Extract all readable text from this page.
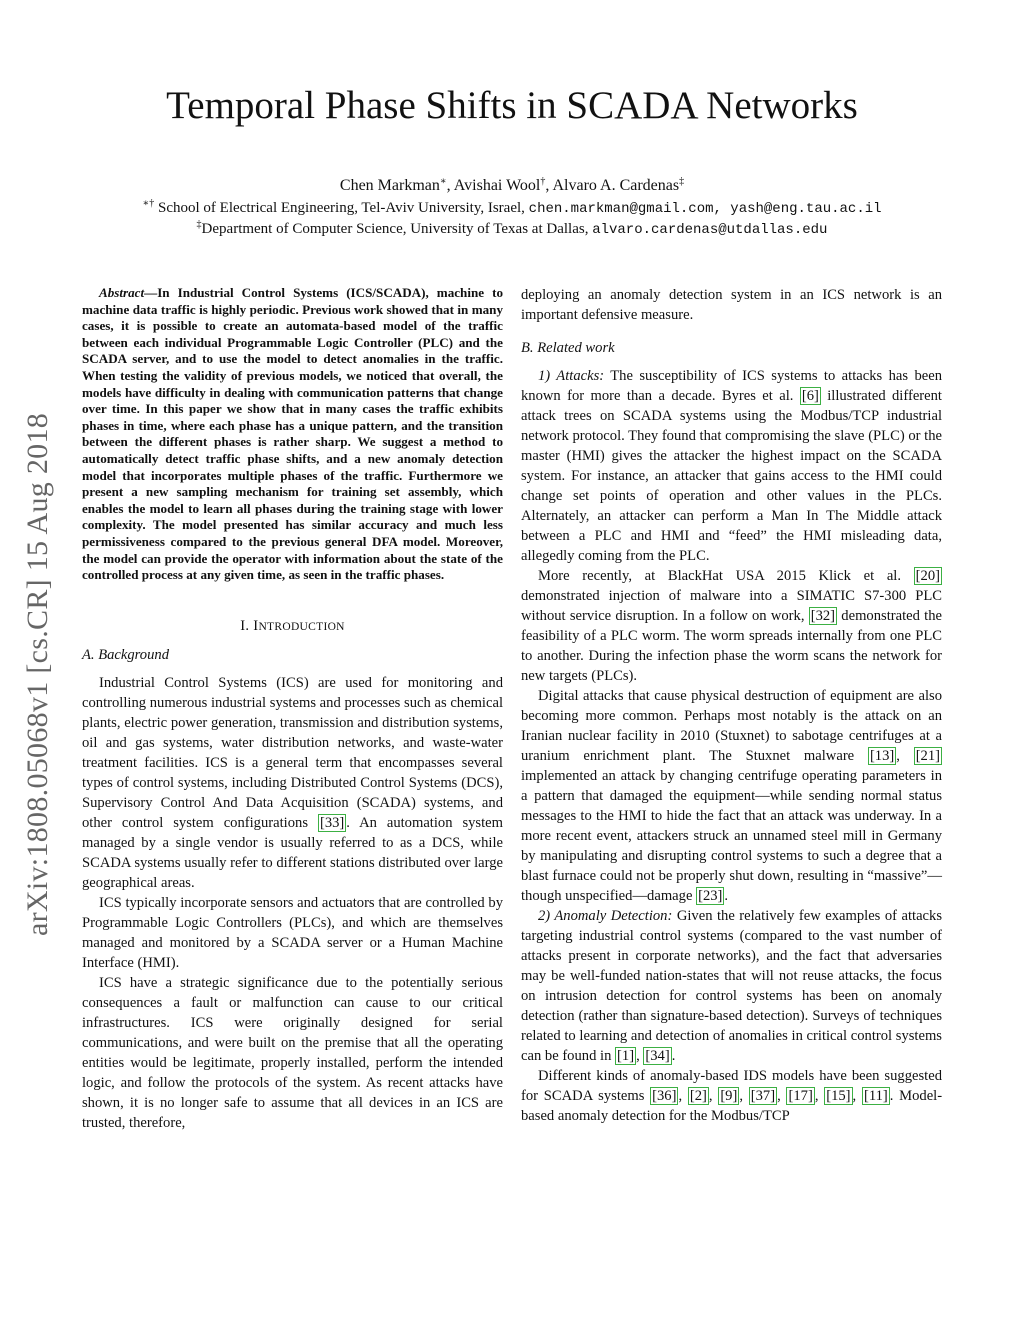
arXiv:1808.05068v1 [cs.CR] 15 Aug 2018
Temporal Phase Shifts in SCADA Networks
Chen Markman∗, Avishai Wool†, Alvaro A. Cardenas‡
∗† School of Electrical Engineering, Tel-Aviv University, Israel, chen.markman@gmail.com, yash@eng.tau.ac.il
‡Department of Computer Science, University of Texas at Dallas, alvaro.cardenas@utdallas.edu

Abstract—In Industrial Control Systems (ICS/SCADA), machine to machine data traffic is highly periodic. Previous work showed that in many cases, it is possible to create an automata-based model of the traffic between each individual Programmable Logic Controller (PLC) and the SCADA server, and to use the model to detect anomalies in the traffic. When testing the validity of previous models, we noticed that overall, the models have difficulty in dealing with communication patterns that change over time. In this paper we show that in many cases the traffic exhibits phases in time, where each phase has a unique pattern, and the transition between the different phases is rather sharp. We suggest a method to automatically detect traffic phase shifts, and a new anomaly detection model that incorporates multiple phases of the traffic. Furthermore we present a new sampling mechanism for training set assembly, which enables the model to learn all phases during the training stage with lower complexity. The model presented has similar accuracy and much less permissiveness compared to the previous general DFA model. Moreover, the model can provide the operator with information about the state of the controlled process at any given time, as seen in the traffic phases.

I. INTRODUCTION
A. Background

Industrial Control Systems (ICS) are used for monitoring and controlling numerous industrial systems and processes such as chemical plants, electric power generation, transmission and distribution systems, oil and gas systems, water distribution networks, and waste-water treatment facilities. ICS is a general term that encompasses several types of control systems, including Distributed Control Systems (DCS), Supervisory Control And Data Acquisition (SCADA) systems, and other control system configurations [33] . An automation system managed by a single vendor is usually referred to as a DCS, while SCADA systems usually refer to different stations distributed over large geographical areas.

ICS typically incorporate sensors and actuators that are controlled by Programmable Logic Controllers (PLCs), and which are themselves managed and monitored by a SCADA server or a Human Machine Interface (HMI).

ICS have a strategic significance due to the potentially serious consequences a fault or malfunction can cause to our critical infrastructures. ICS were originally designed for serial communications, and were built on the premise that all the operating entities would be legitimate, properly installed, perform the intended logic, and follow the protocols of the system. As recent attacks have shown, it is no longer safe to assume that all devices in an ICS are trusted, therefore,

deploying an anomaly detection system in an ICS network is an important defensive measure.

B. Related work

1) Attacks: The susceptibility of ICS systems to attacks has been known for more than a decade. Byres et al. [6] illustrated different attack trees on SCADA systems using the Modbus/TCP industrial network protocol. They found that compromising the slave (PLC) or the master (HMI) gives the attacker the highest impact on the SCADA system. For instance, an attacker that gains access to the HMI could change set points of operation and other values in the PLCs. Alternately, an attacker can perform a Man In The Middle attack between a PLC and HMI and “feed” the HMI misleading data, allegedly coming from the PLC.

More recently, at BlackHat USA 2015 Klick et al. [20] demonstrated injection of malware into a SIMATIC S7-300 PLC without service disruption. In a follow on work, [32] demonstrated the feasibility of a PLC worm. The worm spreads internally from one PLC to another. During the infection phase the worm scans the network for new targets (PLCs).

Digital attacks that cause physical destruction of equipment are also becoming more common. Perhaps most notably is the attack on an Iranian nuclear facility in 2010 (Stuxnet) to sabotage centrifuges at a uranium enrichment plant. The Stuxnet malware [13] , [21] implemented an attack by changing centrifuge operating parameters in a pattern that damaged the equipment—while sending normal status messages to the HMI to hide the fact that an attack was underway. In a more recent event, attackers struck an unnamed steel mill in Germany by manipulating and disrupting control systems to such a degree that a blast furnace could not be properly shut down, resulting in “massive”—though unspecified—damage [23] .

2) Anomaly Detection: Given the relatively few examples of attacks targeting industrial control systems (compared to the vast number of attacks present in corporate networks), and the fact that adversaries may be well-funded nation-states that will not reuse attacks, the focus on intrusion detection for control systems has been on anomaly detection (rather than signature-based detection). Surveys of techniques related to learning and detection of anomalies in critical control systems can be found in [1] , [34] .

Different kinds of anomaly-based IDS models have been suggested for SCADA systems [36] , [2] , [9] , [37] , [17] , [15] , [11] . Model-based anomaly detection for the Modbus/TCP
